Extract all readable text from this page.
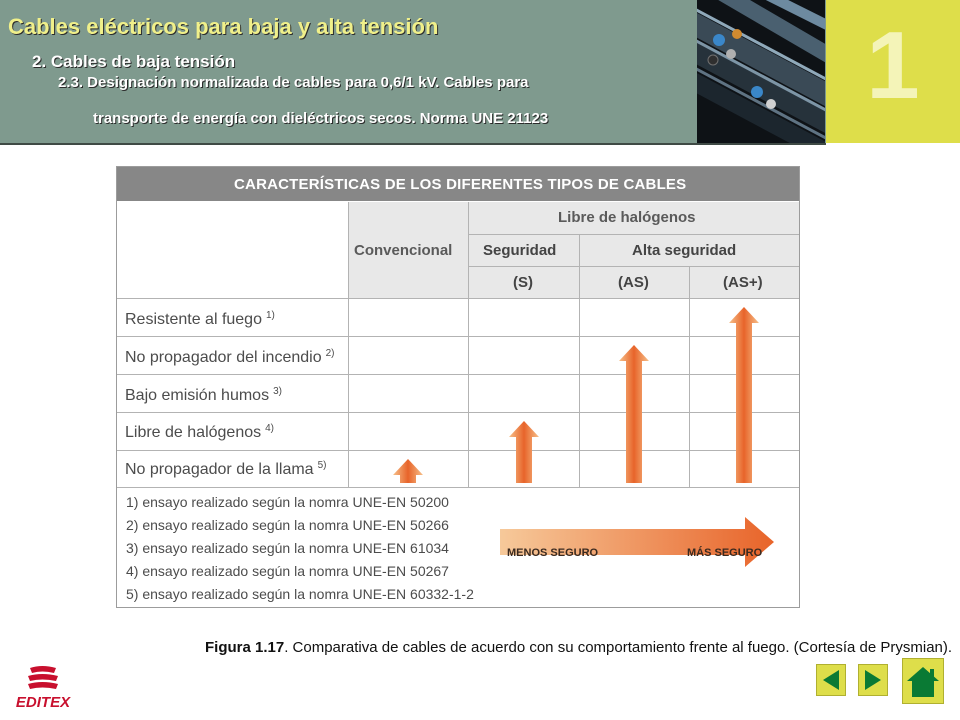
Cables eléctricos para baja y alta tensión
2. Cables de baja tensión
2.3. Designación normalizada de cables para 0,6/1 kV. Cables para
transporte de energía con dieléctricos secos. Norma UNE 21123	1
CARACTERÍSTICAS DE LOS DIFERENTES TIPOS DE CABLES
Convencional
Libre de halógenos
Seguridad	Alta seguridad
(S)	(AS)	(AS+)
Resistente al fuego $^{1)}$
No propagador del incendio $^{2)}$
Bajo emisión humos $^{3)}$
Libre de halógenos $^{4)}$
No propagador de la llama $^{5)}$
MENOS SEGURO	MÁS SEGURO
1) ensayo realizado según la nomra UNE-EN 50200
2) ensayo realizado según la nomra UNE-EN 50266
3) ensayo realizado según la nomra UNE-EN 61034
4) ensayo realizado según la nomra UNE-EN 50267
5) ensayo realizado según la nomra UNE-EN 60332-1-2
Figura 1.17. Comparativa de cables de acuerdo con su comportamiento frente al fuego. (Cortesía de Prysmian).
EDITEX
